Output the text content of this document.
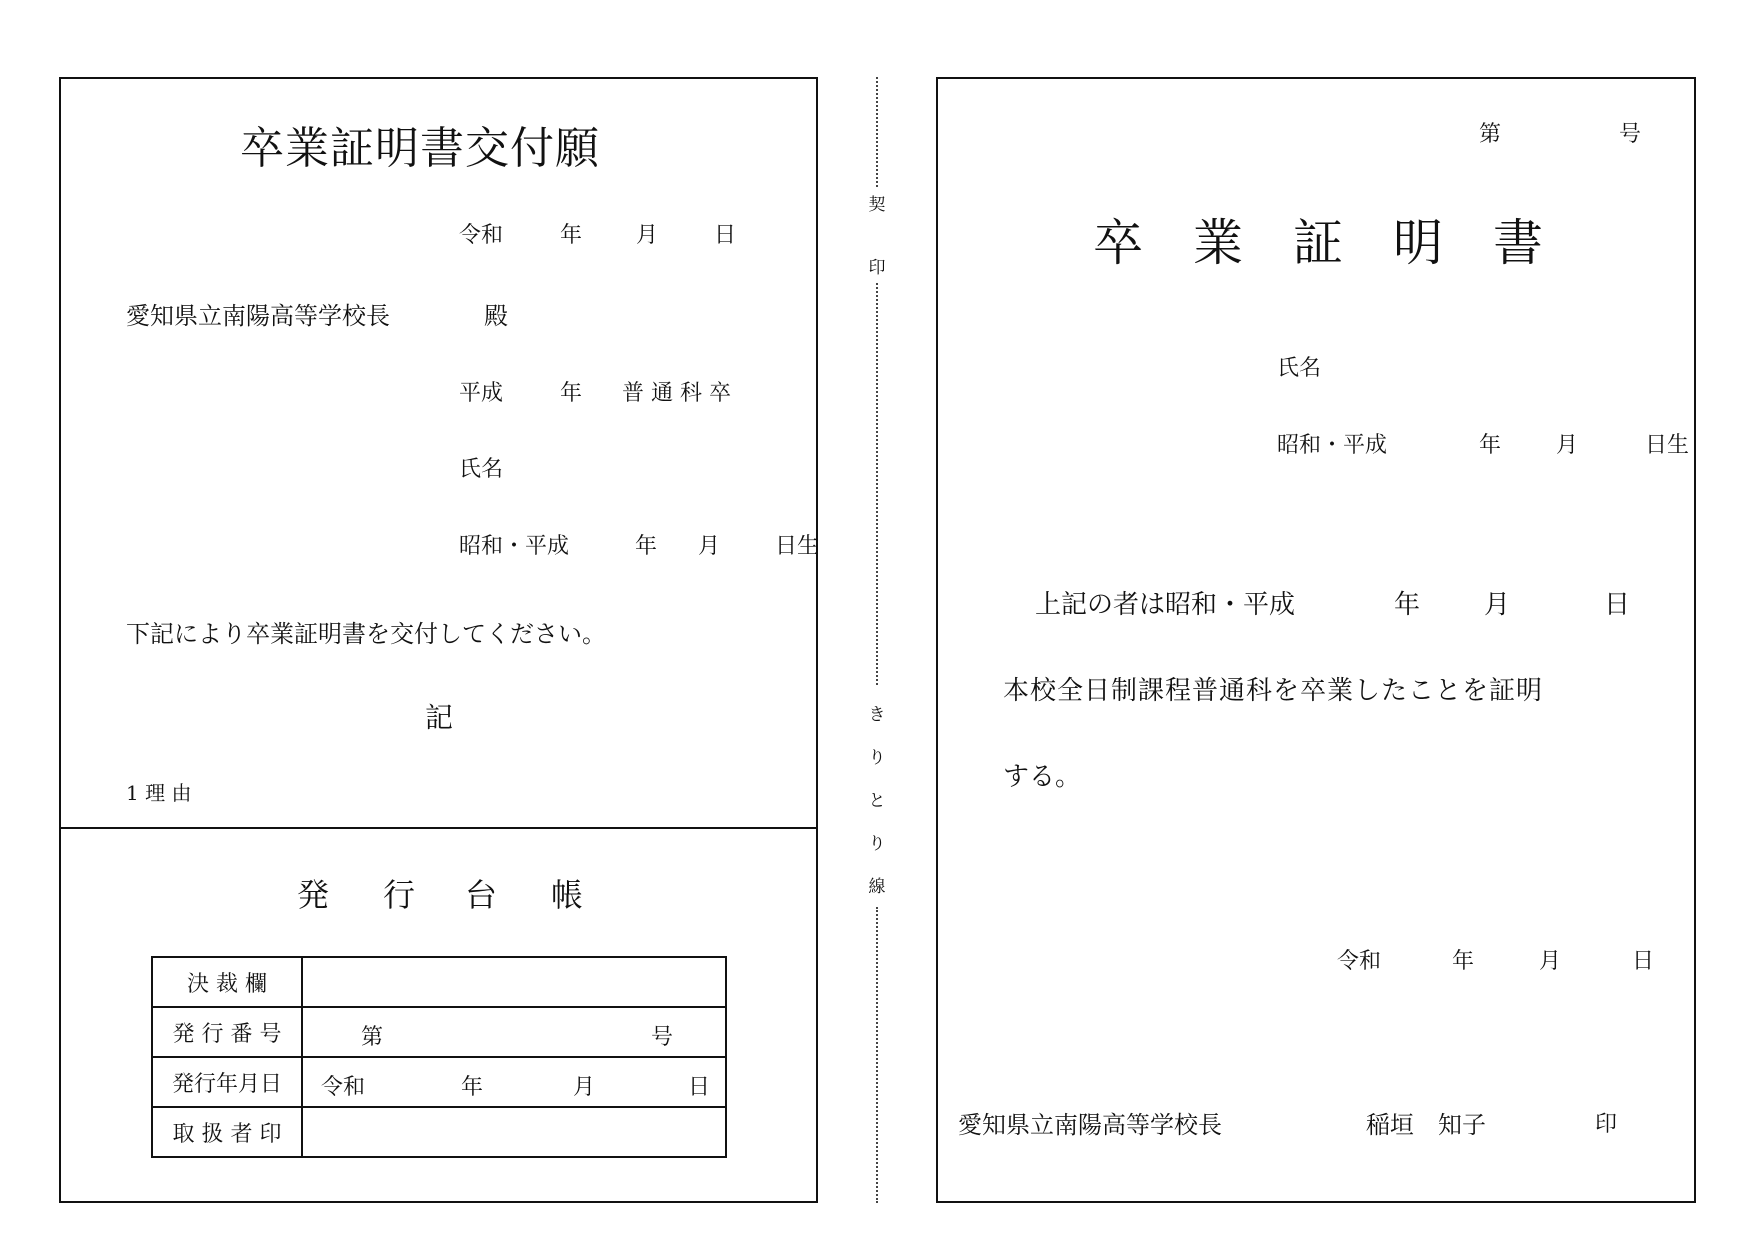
卒業証明書交付願
令和	年 月	日
愛知県立南陽高等学校長	殿
平成	年 普 通 科 卒
氏名
昭和・平成	年 月 日生
下記により卒業証明書を交付してください。
記
1 理 由
発 行 台 帳
決 裁 欄	
発 行 番 号	第 号

発行年月日	令和 年 月 日

取 扱 者 印	
契
印
き
り
と
り
線
第	号
卒 業 証 明 書
氏名
昭和・平成	年 月	日生
上記の者は昭和・平成	年 月	日
本校全日制課程普通科を卒業したことを証明
する。
令和	年	月	日
愛知県立南陽高等学校長	稲垣　知子	印
